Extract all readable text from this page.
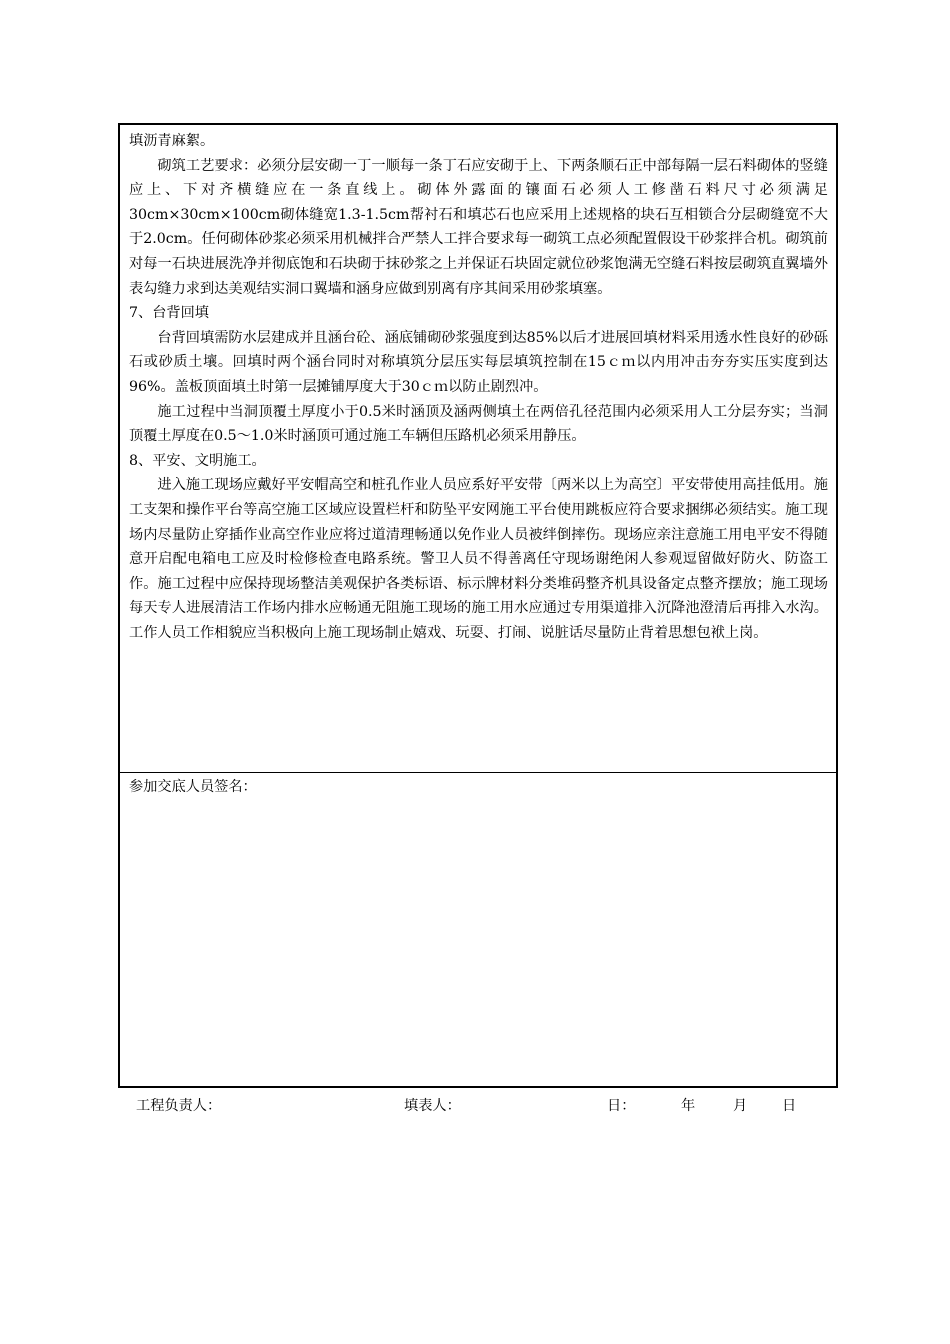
填沥青麻絮。

砌筑工艺要求：必须分层安砌一丁一顺每一条丁石应安砌于上、下两条顺石正中部每隔一层石料砌体的竖缝应上、下对齐横缝应在一条直线上。砌体外露面的镶面石必须人工修凿石料尺寸必须满足30cm×30cm×100cm砌体缝宽1.3-1.5cm帮衬石和填芯石也应采用上述规格的块石互相锁合分层砌缝宽不大于2.0cm。任何砌体砂浆必须采用机械拌合严禁人工拌合要求每一砌筑工点必须配置假设干砂浆拌合机。砌筑前对每一石块进展洗净并彻底饱和石块砌于抹砂浆之上并保证石块固定就位砂浆饱满无空缝石料按层砌筑直翼墙外表勾缝力求到达美观结实洞口翼墙和涵身应做到别离有序其间采用砂浆填塞。

7、台背回填

台背回填需防水层建成并且涵台砼、涵底铺砌砂浆强度到达85%以后才进展回填材料采用透水性良好的砂砾石或砂质土壤。回填时两个涵台同时对称填筑分层压实每层填筑控制在15ｃｍ以内用冲击夯夯实压实度到达96%。盖板顶面填土时第一层摊铺厚度大于30ｃｍ以防止剧烈冲。

施工过程中当洞顶覆土厚度小于0.5米时涵顶及涵两侧填土在两倍孔径范围内必须采用人工分层夯实；当洞顶覆土厚度在0.5～1.0米时涵顶可通过施工车辆但压路机必须采用静压。

8、平安、文明施工。

进入施工现场应戴好平安帽高空和桩孔作业人员应系好平安带〔两米以上为高空〕平安带使用高挂低用。施工支架和操作平台等高空施工区域应设置栏杆和防坠平安网施工平台使用跳板应符合要求捆绑必须结实。施工现场内尽量防止穿插作业高空作业应将过道清理畅通以免作业人员被绊倒摔伤。现场应亲注意施工用电平安不得随意开启配电箱电工应及时检修检查电路系统。警卫人员不得善离任守现场谢绝闲人参观逗留做好防火、防盗工作。施工过程中应保持现场整洁美观保护各类标语、标示牌材料分类堆码整齐机具设备定点整齐摆放；施工现场每天专人进展清洁工作场内排水应畅通无阻施工现场的施工用水应通过专用渠道排入沉降池澄清后再排入水沟。工作人员工作相貌应当积极向上施工现场制止嬉戏、玩耍、打闹、说脏话尽量防止背着思想包袱上岗。

参加交底人员签名：
工程负责人：	填表人：	日：	年	月 日
